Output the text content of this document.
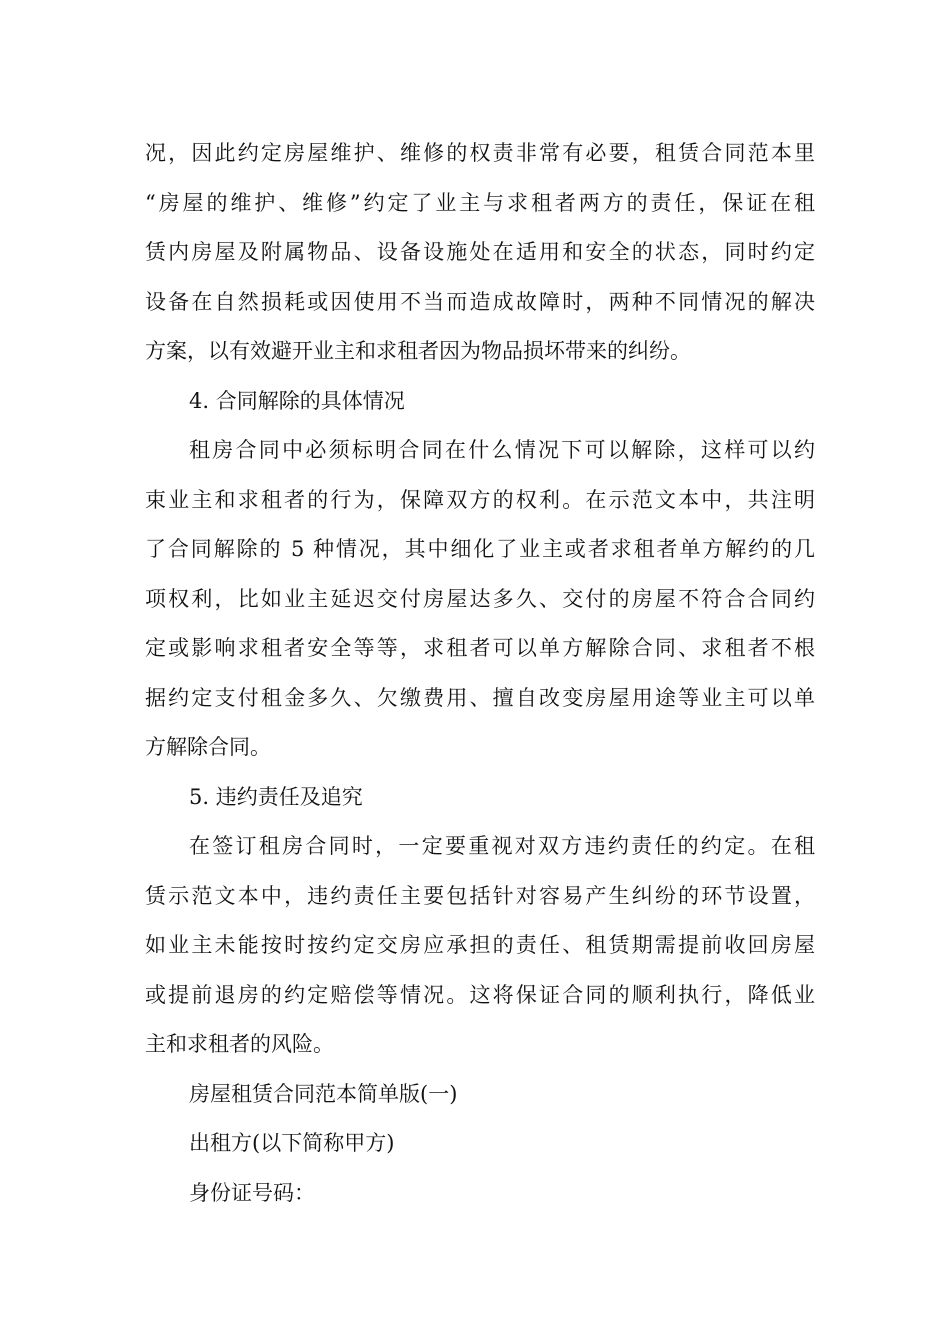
况，因此约定房屋维护、维修的权责非常有必要，租赁合同范本里
“房屋的维护、维修”约定了业主与求租者两方的责任，保证在租
赁内房屋及附属物品、设备设施处在适用和安全的状态，同时约定
设备在自然损耗或因使用不当而造成故障时，两种不同情况的解决
方案，以有效避开业主和求租者因为物品损坏带来的纠纷。
4. 合同解除的具体情况
租房合同中必须标明合同在什么情况下可以解除，这样可以约
束业主和求租者的行为，保障双方的权利。在示范文本中，共注明
了合同解除的 5 种情况，其中细化了业主或者求租者单方解约的几
项权利，比如业主延迟交付房屋达多久、交付的房屋不符合合同约
定或影响求租者安全等等，求租者可以单方解除合同、求租者不根
据约定支付租金多久、欠缴费用、擅自改变房屋用途等业主可以单
方解除合同。
5. 违约责任及追究
在签订租房合同时，一定要重视对双方违约责任的约定。在租
赁示范文本中，违约责任主要包括针对容易产生纠纷的环节设置，
如业主未能按时按约定交房应承担的责任、租赁期需提前收回房屋
或提前退房的约定赔偿等情况。这将保证合同的顺利执行，降低业
主和求租者的风险。
房屋租赁合同范本简单版(一)
出租方(以下简称甲方)
身份证号码：
